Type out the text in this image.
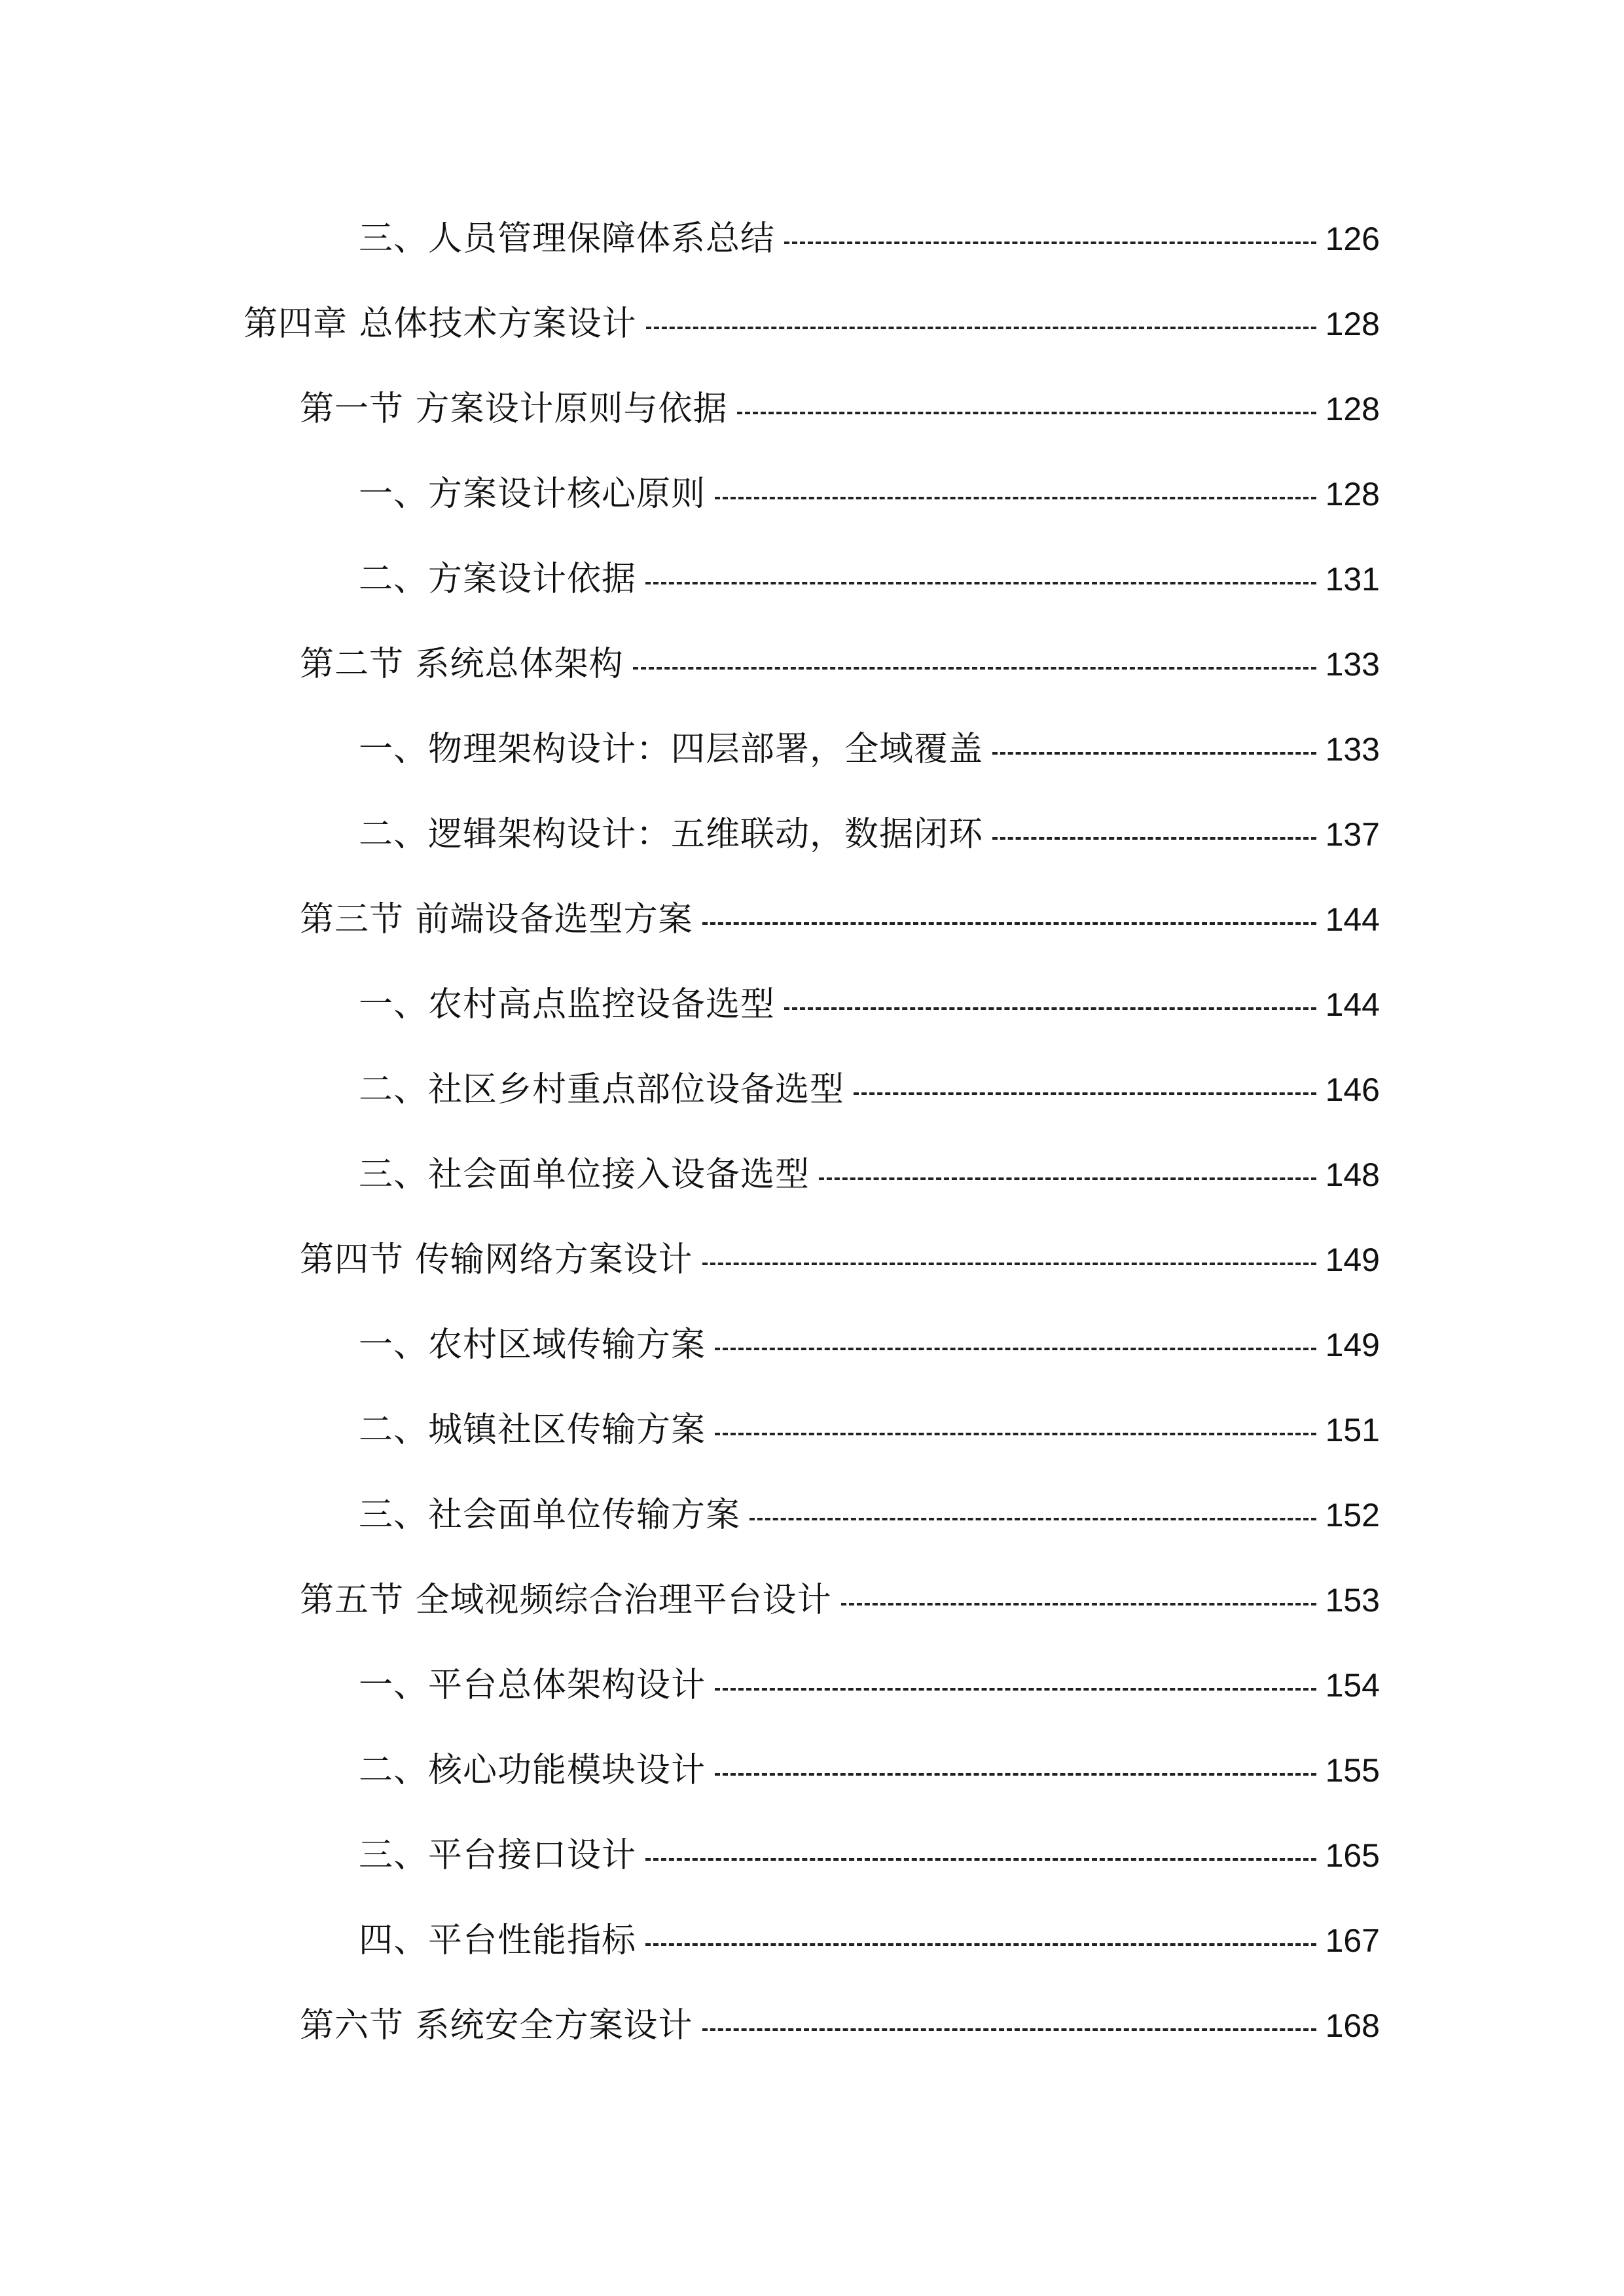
三、人员管理保障体系总结	126
第四章 总体技术方案设计	128
第一节 方案设计原则与依据	128
一、方案设计核心原则	128
二、方案设计依据	131
第二节 系统总体架构	133
一、物理架构设计：四层部署，全域覆盖	133
二、逻辑架构设计：五维联动，数据闭环	137
第三节 前端设备选型方案	144
一、农村高点监控设备选型	144
二、社区乡村重点部位设备选型	146
三、社会面单位接入设备选型	148
第四节 传输网络方案设计	149
一、农村区域传输方案	149
二、城镇社区传输方案	151
三、社会面单位传输方案	152
第五节 全域视频综合治理平台设计	153
一、平台总体架构设计	154
二、核心功能模块设计	155
三、平台接口设计	165
四、平台性能指标	167
第六节 系统安全方案设计	168
